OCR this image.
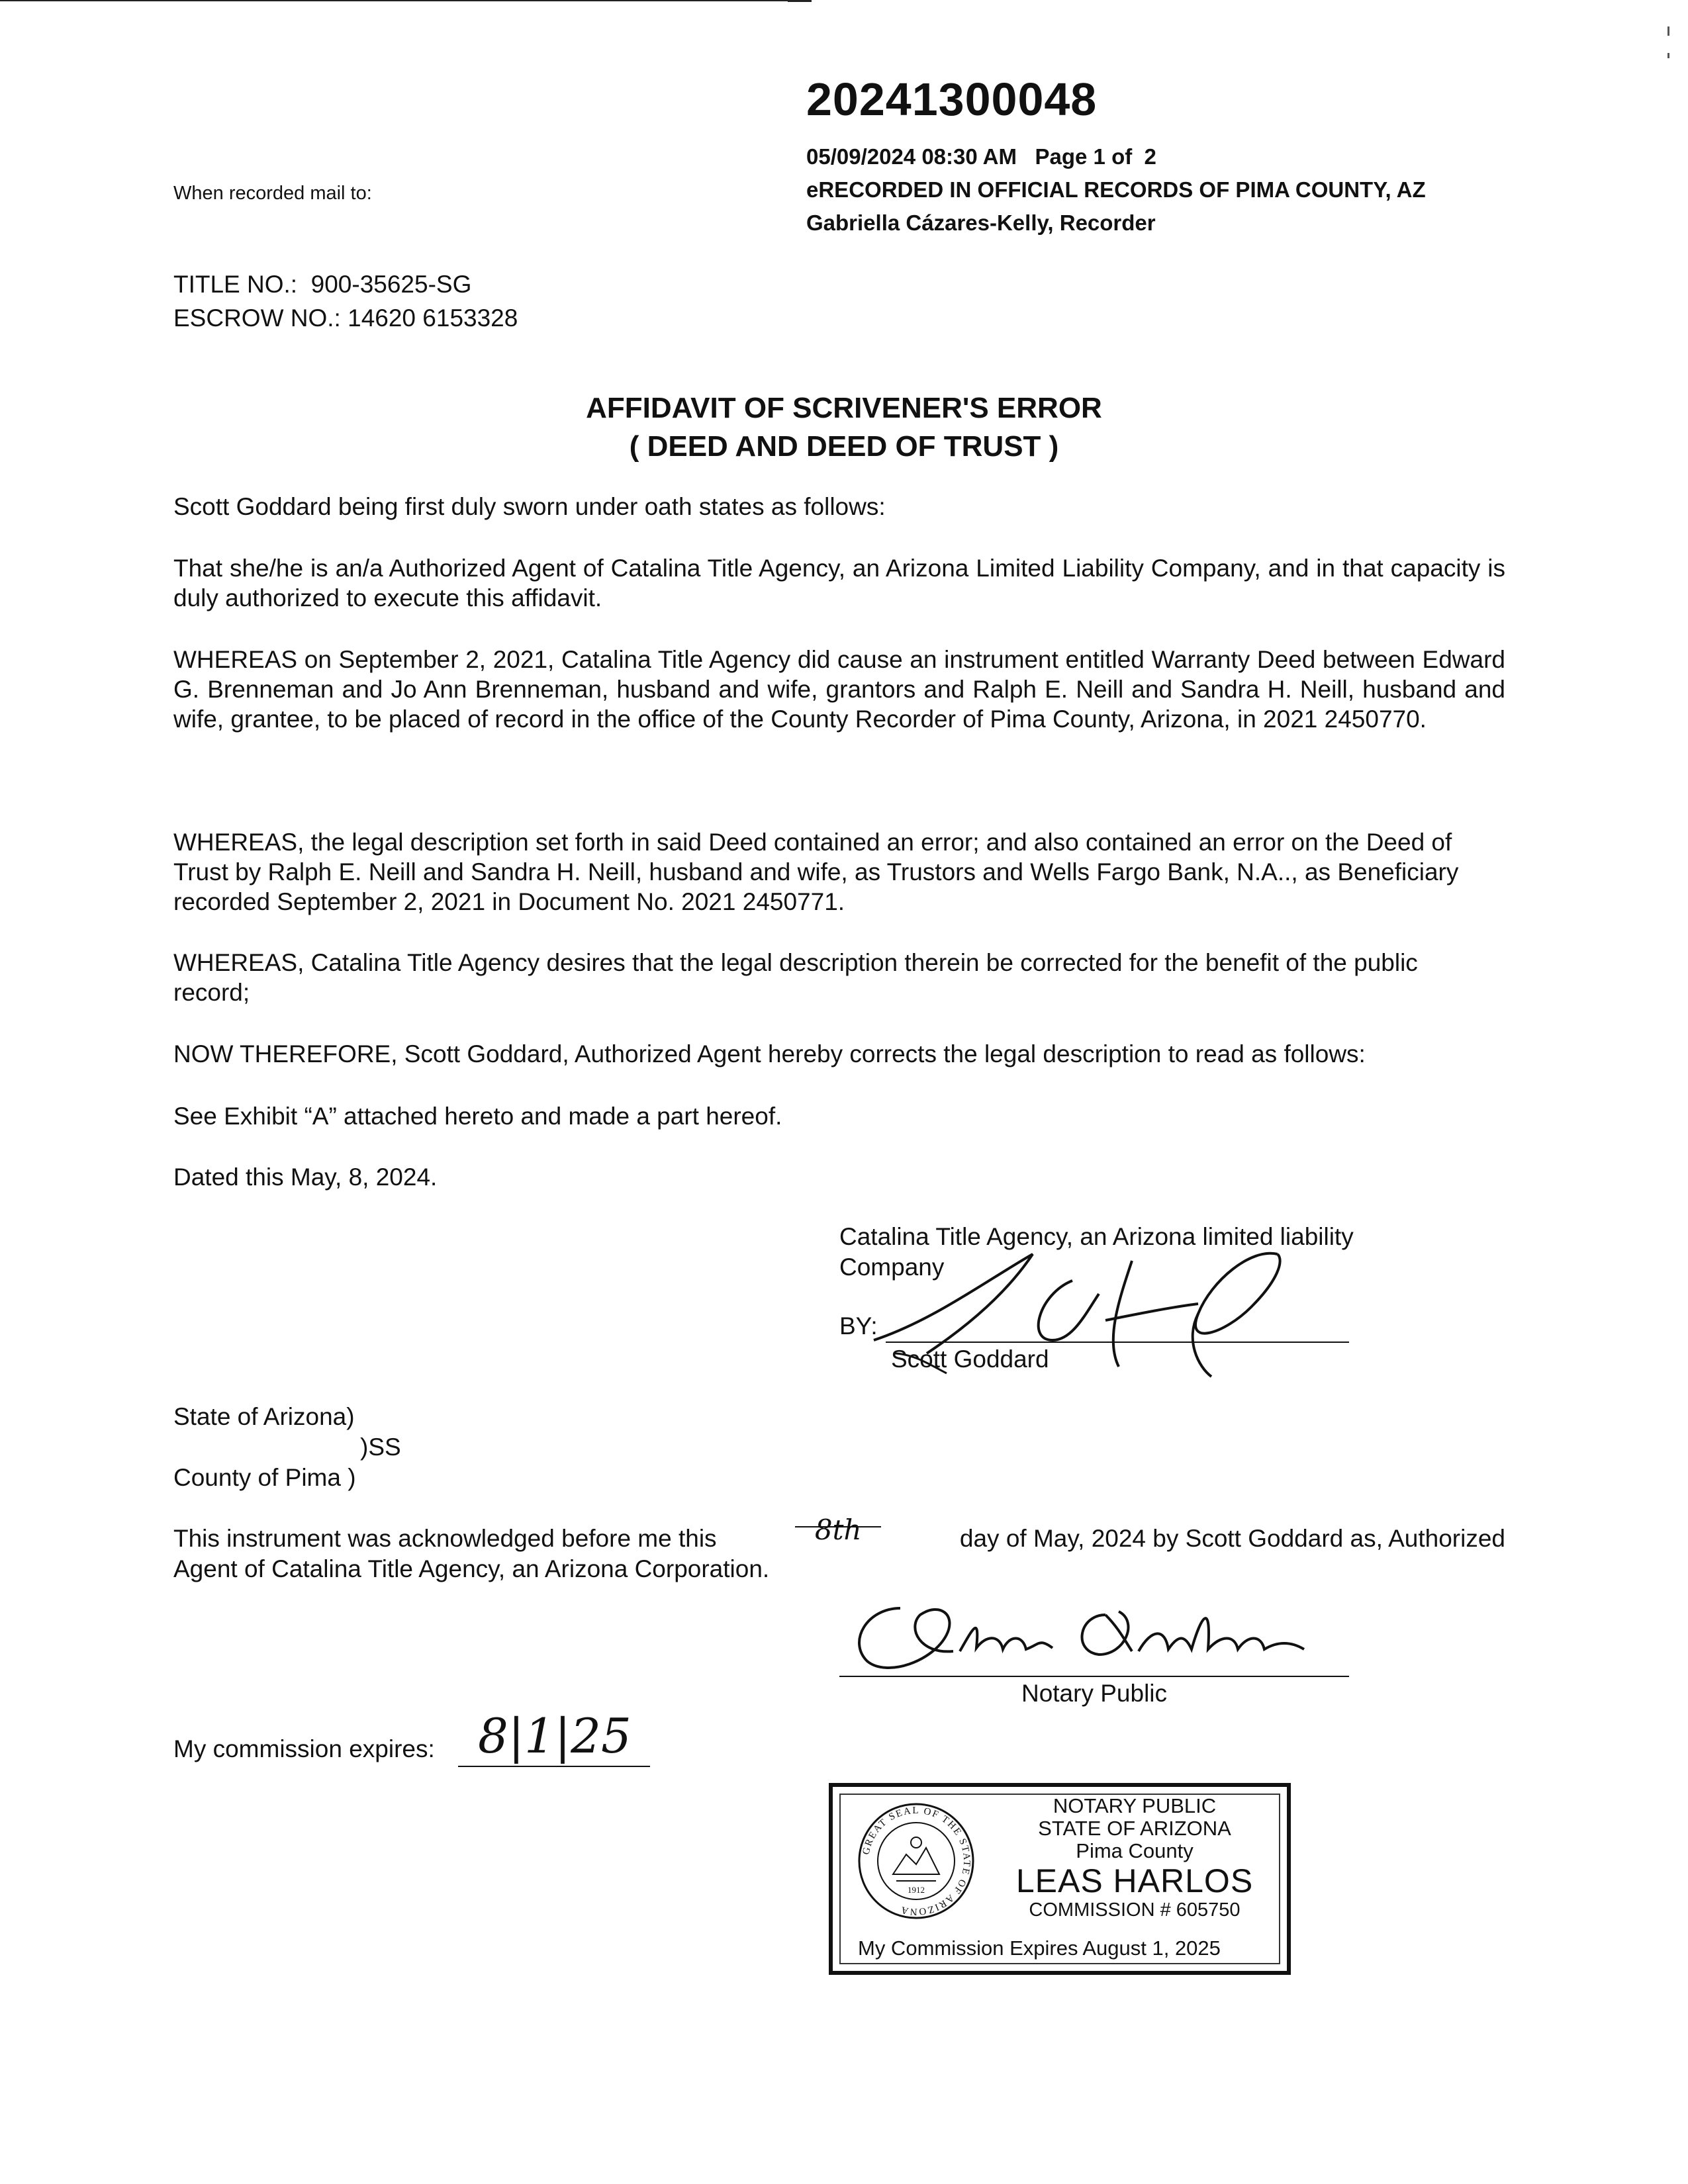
20241300048
05/09/2024 08:30 AM   Page 1 of  2
eRECORDED IN OFFICIAL RECORDS OF PIMA COUNTY, AZ
Gabriella Cázares-Kelly, Recorder
When recorded mail to:
TITLE NO.:  900-35625-SG
ESCROW NO.: 14620 6153328
AFFIDAVIT OF SCRIVENER'S ERROR
( DEED AND DEED OF TRUST )
Scott Goddard being first duly sworn under oath states as follows:
That she/he is an/a Authorized Agent of Catalina Title Agency, an Arizona Limited Liability Company, and in that capacity is duly authorized to execute this affidavit.
WHEREAS on September 2, 2021, Catalina Title Agency did cause an instrument entitled Warranty Deed between Edward G. Brenneman and Jo Ann Brenneman, husband and wife, grantors and Ralph E. Neill and Sandra H. Neill, husband and wife, grantee, to be placed of record in the office of the County Recorder of Pima County, Arizona, in 2021 2450770.
WHEREAS, the legal description set forth in said Deed contained an error; and also contained an error on the Deed of Trust by Ralph E. Neill and Sandra H. Neill, husband and wife, as Trustors and Wells Fargo Bank, N.A.., as Beneficiary recorded September 2, 2021 in Document No. 2021 2450771.
WHEREAS, Catalina Title Agency desires that the legal description therein be corrected for the benefit of the public record;
NOW THEREFORE, Scott Goddard, Authorized Agent hereby corrects the legal description to read as follows:
See Exhibit “A” attached hereto and made a part hereof.
Dated this May, 8, 2024.
Catalina Title Agency, an Arizona limited liability
Company
BY:
Scott Goddard
State of Arizona)
)SS
County of Pima )
This instrument was acknowledged before me this	8th	day of May, 2024 by Scott Goddard as, Authorized
Agent of Catalina Title Agency, an Arizona Corporation.
Notary Public
My commission expires: 8|1|25
GREAT SEAL OF THE STATE OF ARIZONA
1912
NOTARY PUBLIC
STATE OF ARIZONA
Pima County
LEAS HARLOS
COMMISSION # 605750
My Commission Expires August 1, 2025
